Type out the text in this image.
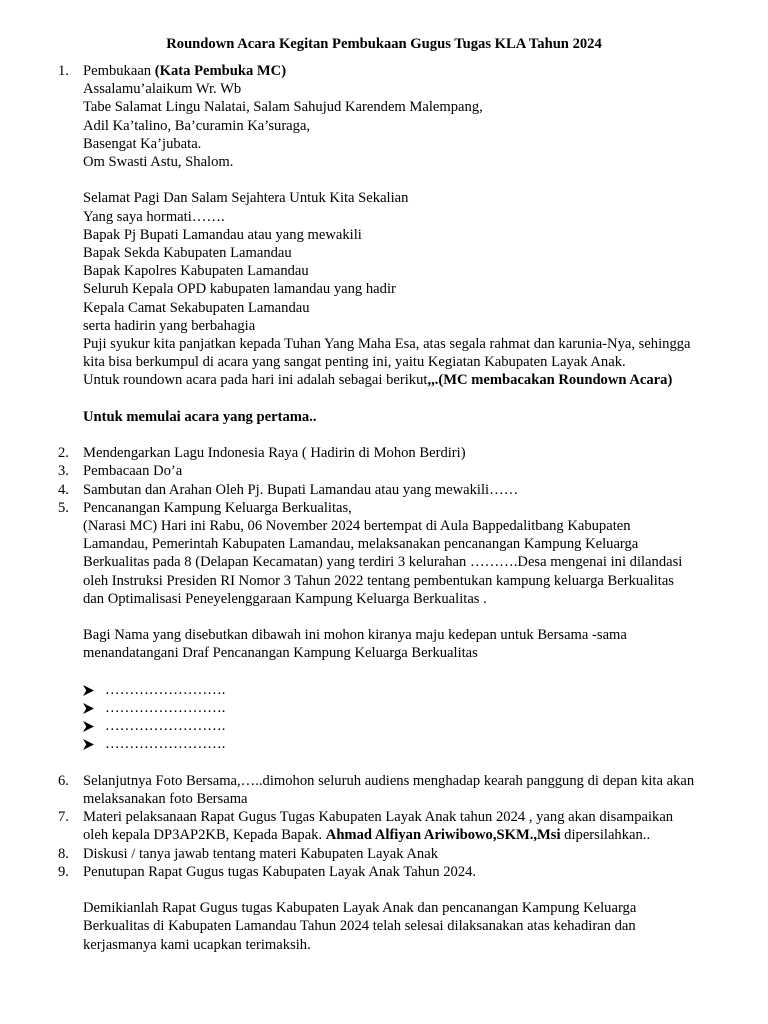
Roundown Acara Kegitan Pembukaan Gugus Tugas KLA Tahun 2024
1. Pembukaan (Kata Pembuka MC)
Assalamu’alaikum Wr. Wb
Tabe Salamat Lingu Nalatai, Salam Sahujud Karendem Malempang,
Adil Ka’talino, Ba’curamin Ka’suraga,
Basengat Ka’jubata.
Om Swasti Astu, Shalom.
Selamat Pagi Dan Salam Sejahtera Untuk Kita Sekalian
Yang saya hormati…….
Bapak Pj Bupati Lamandau atau yang mewakili
Bapak Sekda Kabupaten Lamandau
Bapak Kapolres Kabupaten Lamandau
Seluruh Kepala OPD kabupaten lamandau yang hadir
Kepala Camat Sekabupaten Lamandau
serta hadirin yang berbahagia
Puji syukur kita panjatkan kepada Tuhan Yang Maha Esa, atas segala rahmat dan karunia-Nya, sehingga
kita bisa berkumpul di acara yang sangat penting ini, yaitu Kegiatan Kabupaten Layak Anak.
Untuk roundown acara pada hari ini adalah sebagai berikut,,.(MC membacakan Roundown Acara)
Untuk memulai acara yang pertama..
2. Mendengarkan Lagu Indonesia Raya ( Hadirin di Mohon Berdiri)
3. Pembacaan Do’a
4. Sambutan dan Arahan Oleh Pj. Bupati Lamandau atau yang mewakili……
5. Pencanangan Kampung Keluarga Berkualitas,
(Narasi MC) Hari ini Rabu, 06 November 2024 bertempat di Aula Bappedalitbang Kabupaten
Lamandau, Pemerintah Kabupaten Lamandau, melaksanakan pencanangan Kampung Keluarga
Berkualitas pada 8 (Delapan Kecamatan) yang terdiri 3 kelurahan ……….Desa mengenai ini dilandasi
oleh Instruksi Presiden RI Nomor 3 Tahun 2022 tentang pembentukan kampung keluarga Berkualitas
dan Optimalisasi Peneyelenggaraan Kampung Keluarga Berkualitas .
Bagi Nama yang disebutkan dibawah ini mohon kiranya maju kedepan untuk Bersama -sama
menandatangani Draf Pencanangan Kampung Keluarga Berkualitas
…………………….
…………………….
…………………….
…………………….
6. Selanjutnya Foto Bersama,…..dimohon seluruh audiens menghadap kearah panggung di depan kita akan
melaksanakan foto Bersama
7. Materi pelaksanaan Rapat Gugus Tugas Kabupaten Layak Anak tahun 2024 , yang akan disampaikan
oleh kepala DP3AP2KB, Kepada Bapak. Ahmad Alfiyan Ariwibowo,SKM.,Msi dipersilahkan..
8. Diskusi / tanya jawab tentang materi Kabupaten Layak Anak
9. Penutupan Rapat Gugus tugas Kabupaten Layak Anak Tahun 2024.
Demikianlah Rapat Gugus tugas Kabupaten Layak Anak dan pencanangan Kampung Keluarga
Berkualitas di Kabupaten Lamandau Tahun 2024 telah selesai dilaksanakan atas kehadiran dan
kerjasmanya kami ucapkan terimaksih.
